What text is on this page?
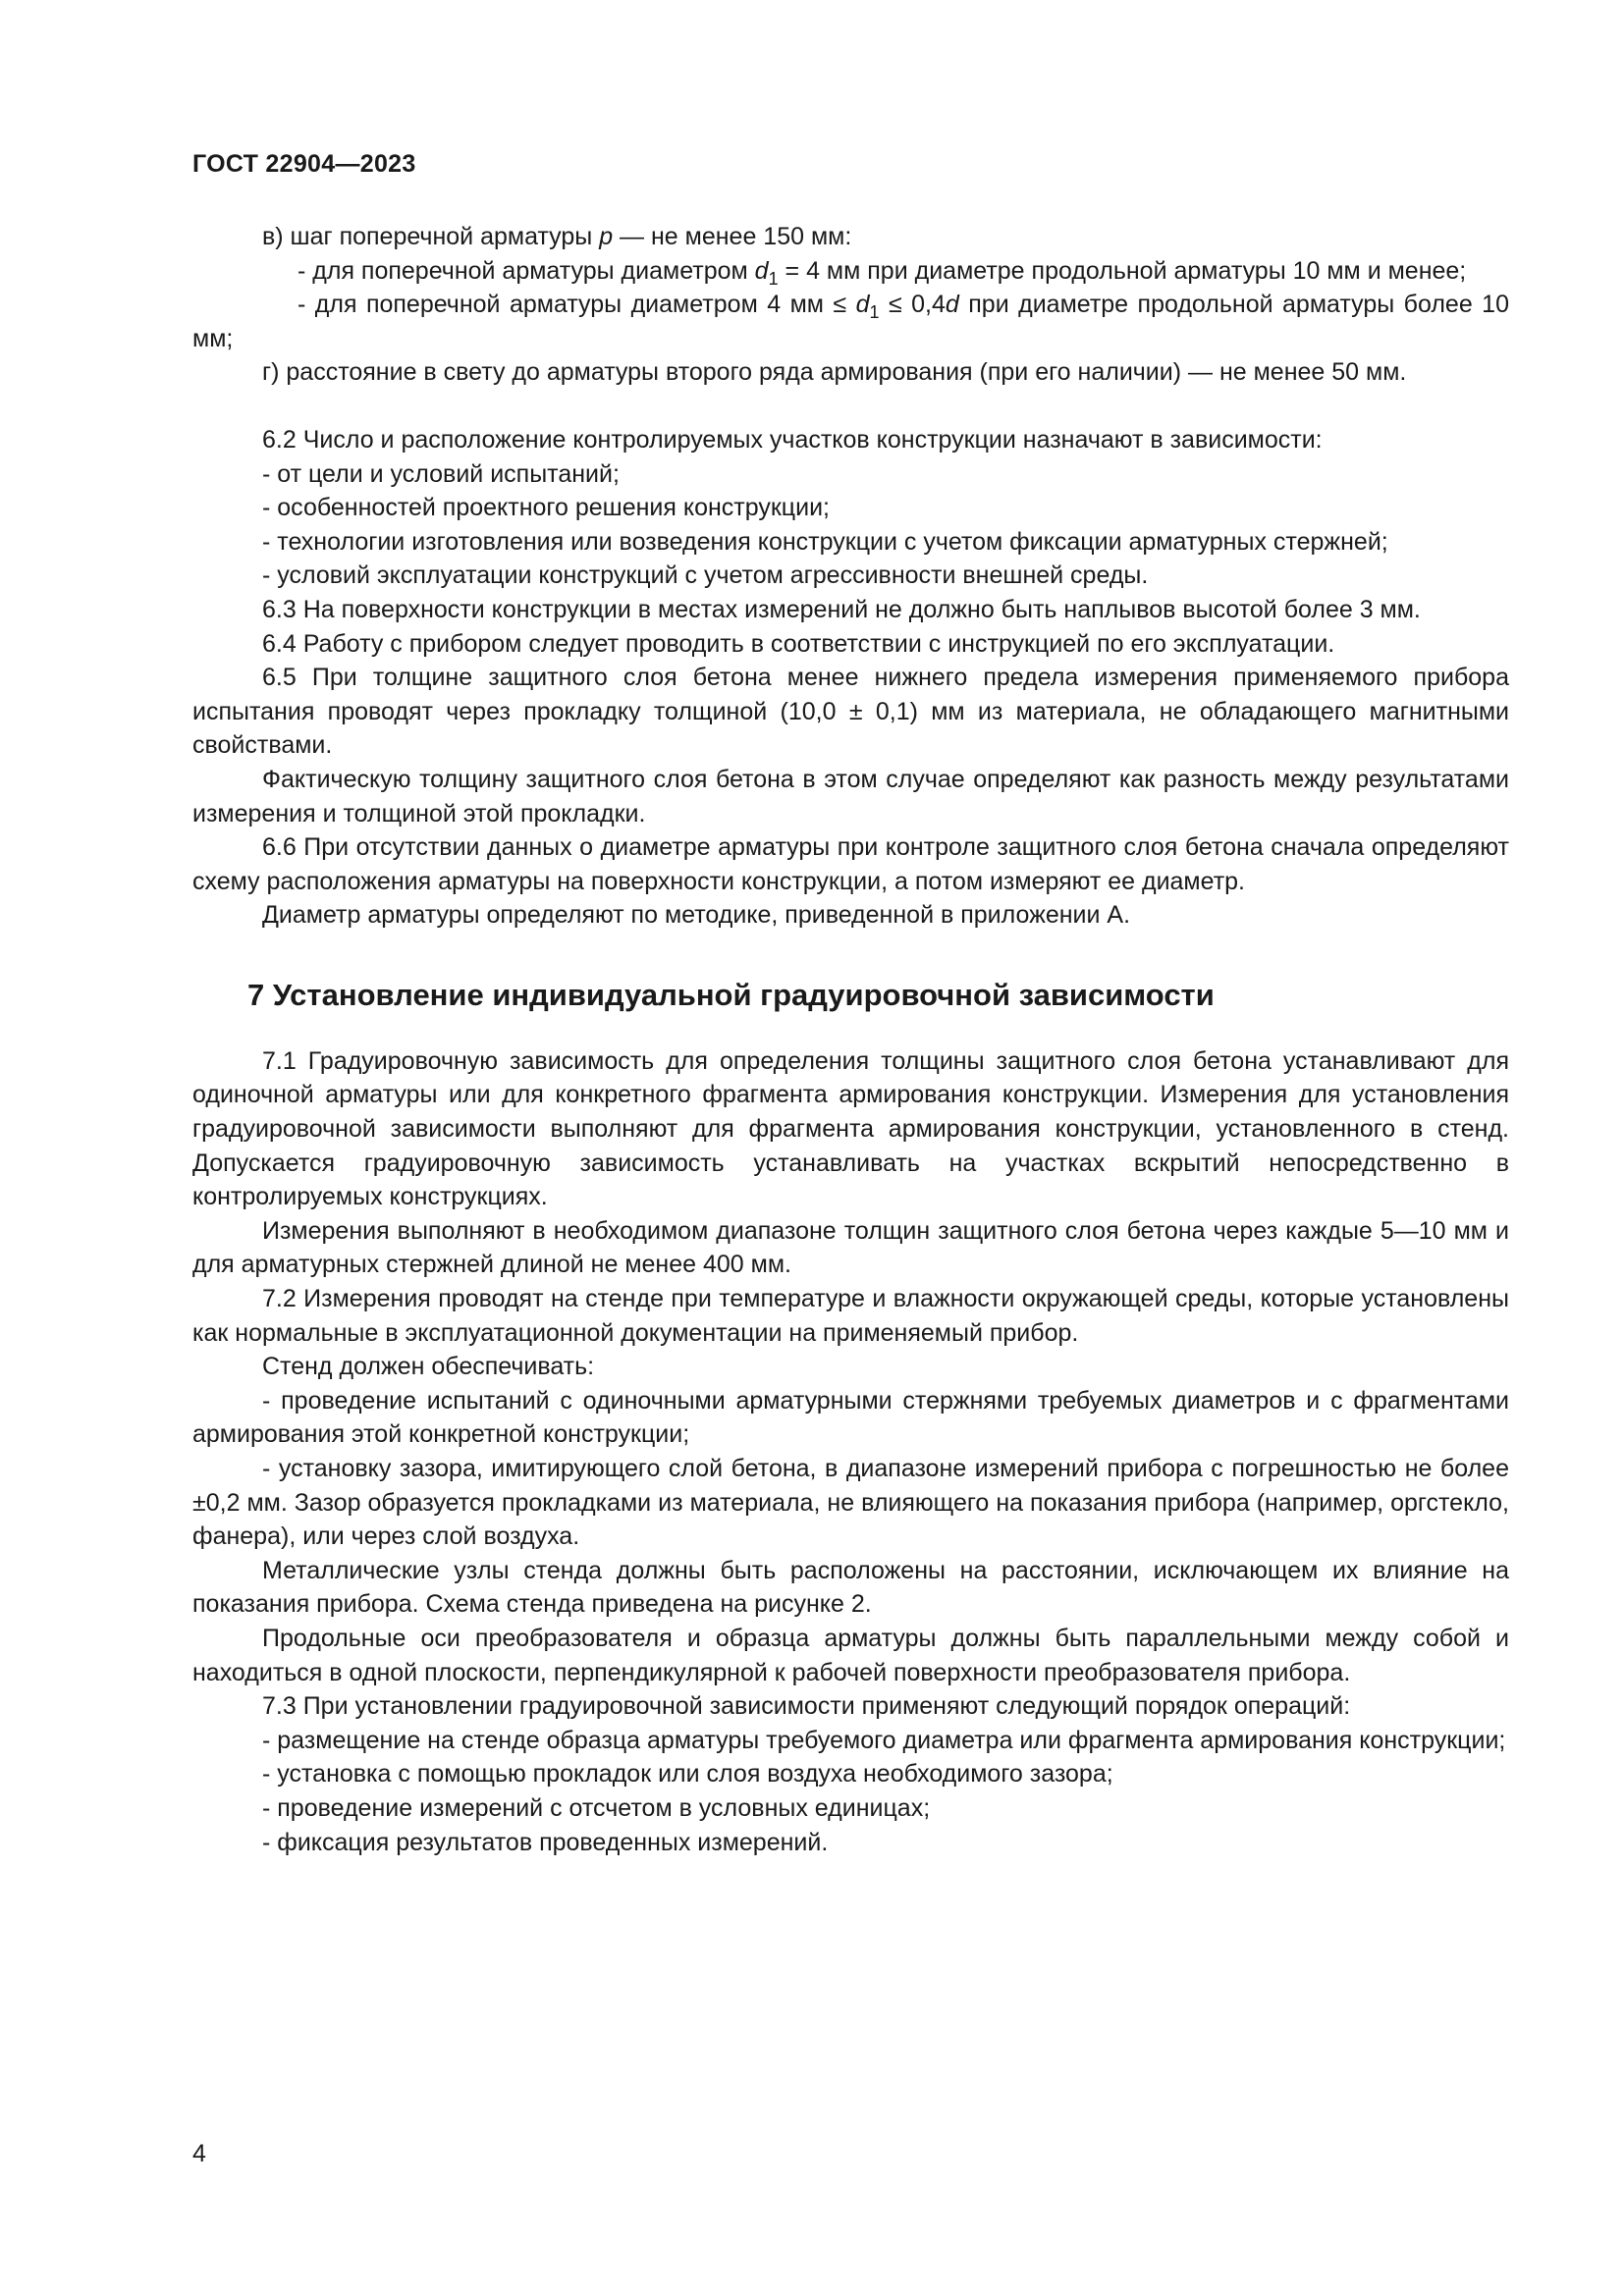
ГОСТ 22904—2023

в) шаг поперечной арматуры р — не менее 150 мм:

- для поперечной арматуры диаметром $d_1 = 4$ мм при диаметре продольной арматуры 10 мм и менее;

- для поперечной арматуры диаметром 4 мм ≤ $d_1 \le 0,4d$ при диаметре продольной арматуры более 10 мм;

г) расстояние в свету до арматуры второго ряда армирования (при его наличии) — не менее 50 мм.

6.2 Число и расположение контролируемых участков конструкции назначают в зависимости:

- от цели и условий испытаний;

- особенностей проектного решения конструкции;

- технологии изготовления или возведения конструкции с учетом фиксации арматурных стержней;

- условий эксплуатации конструкций с учетом агрессивности внешней среды.

6.3 На поверхности конструкции в местах измерений не должно быть наплывов высотой более 3 мм.

6.4 Работу с прибором следует проводить в соответствии с инструкцией по его эксплуатации.

6.5 При толщине защитного слоя бетона менее нижнего предела измерения применяемого прибора испытания проводят через прокладку толщиной (10,0 ± 0,1) мм из материала, не обладающего магнитными свойствами.

Фактическую толщину защитного слоя бетона в этом случае определяют как разность между результатами измерения и толщиной этой прокладки.

6.6 При отсутствии данных о диаметре арматуры при контроле защитного слоя бетона сначала определяют схему расположения арматуры на поверхности конструкции, а потом измеряют ее диаметр.

Диаметр арматуры определяют по методике, приведенной в приложении А.

7 Установление индивидуальной градуировочной зависимости

7.1 Градуировочную зависимость для определения толщины защитного слоя бетона устанавливают для одиночной арматуры или для конкретного фрагмента армирования конструкции. Измерения для установления градуировочной зависимости выполняют для фрагмента армирования конструкции, установленного в стенд. Допускается градуировочную зависимость устанавливать на участках вскрытий непосредственно в контролируемых конструкциях.

Измерения выполняют в необходимом диапазоне толщин защитного слоя бетона через каждые 5—10 мм и для арматурных стержней длиной не менее 400 мм.

7.2 Измерения проводят на стенде при температуре и влажности окружающей среды, которые установлены как нормальные в эксплуатационной документации на применяемый прибор.

Стенд должен обеспечивать:

- проведение испытаний с одиночными арматурными стержнями требуемых диаметров и с фрагментами армирования этой конкретной конструкции;

- установку зазора, имитирующего слой бетона, в диапазоне измерений прибора с погрешностью не более ±0,2 мм. Зазор образуется прокладками из материала, не влияющего на показания прибора (например, оргстекло, фанера), или через слой воздуха.

Металлические узлы стенда должны быть расположены на расстоянии, исключающем их влияние на показания прибора. Схема стенда приведена на рисунке 2.

Продольные оси преобразователя и образца арматуры должны быть параллельными между собой и находиться в одной плоскости, перпендикулярной к рабочей поверхности преобразователя прибора.

7.3 При установлении градуировочной зависимости применяют следующий порядок операций:

- размещение на стенде образца арматуры требуемого диаметра или фрагмента армирования конструкции;

- установка с помощью прокладок или слоя воздуха необходимого зазора;

- проведение измерений с отсчетом в условных единицах;

- фиксация результатов проведенных измерений.

4
